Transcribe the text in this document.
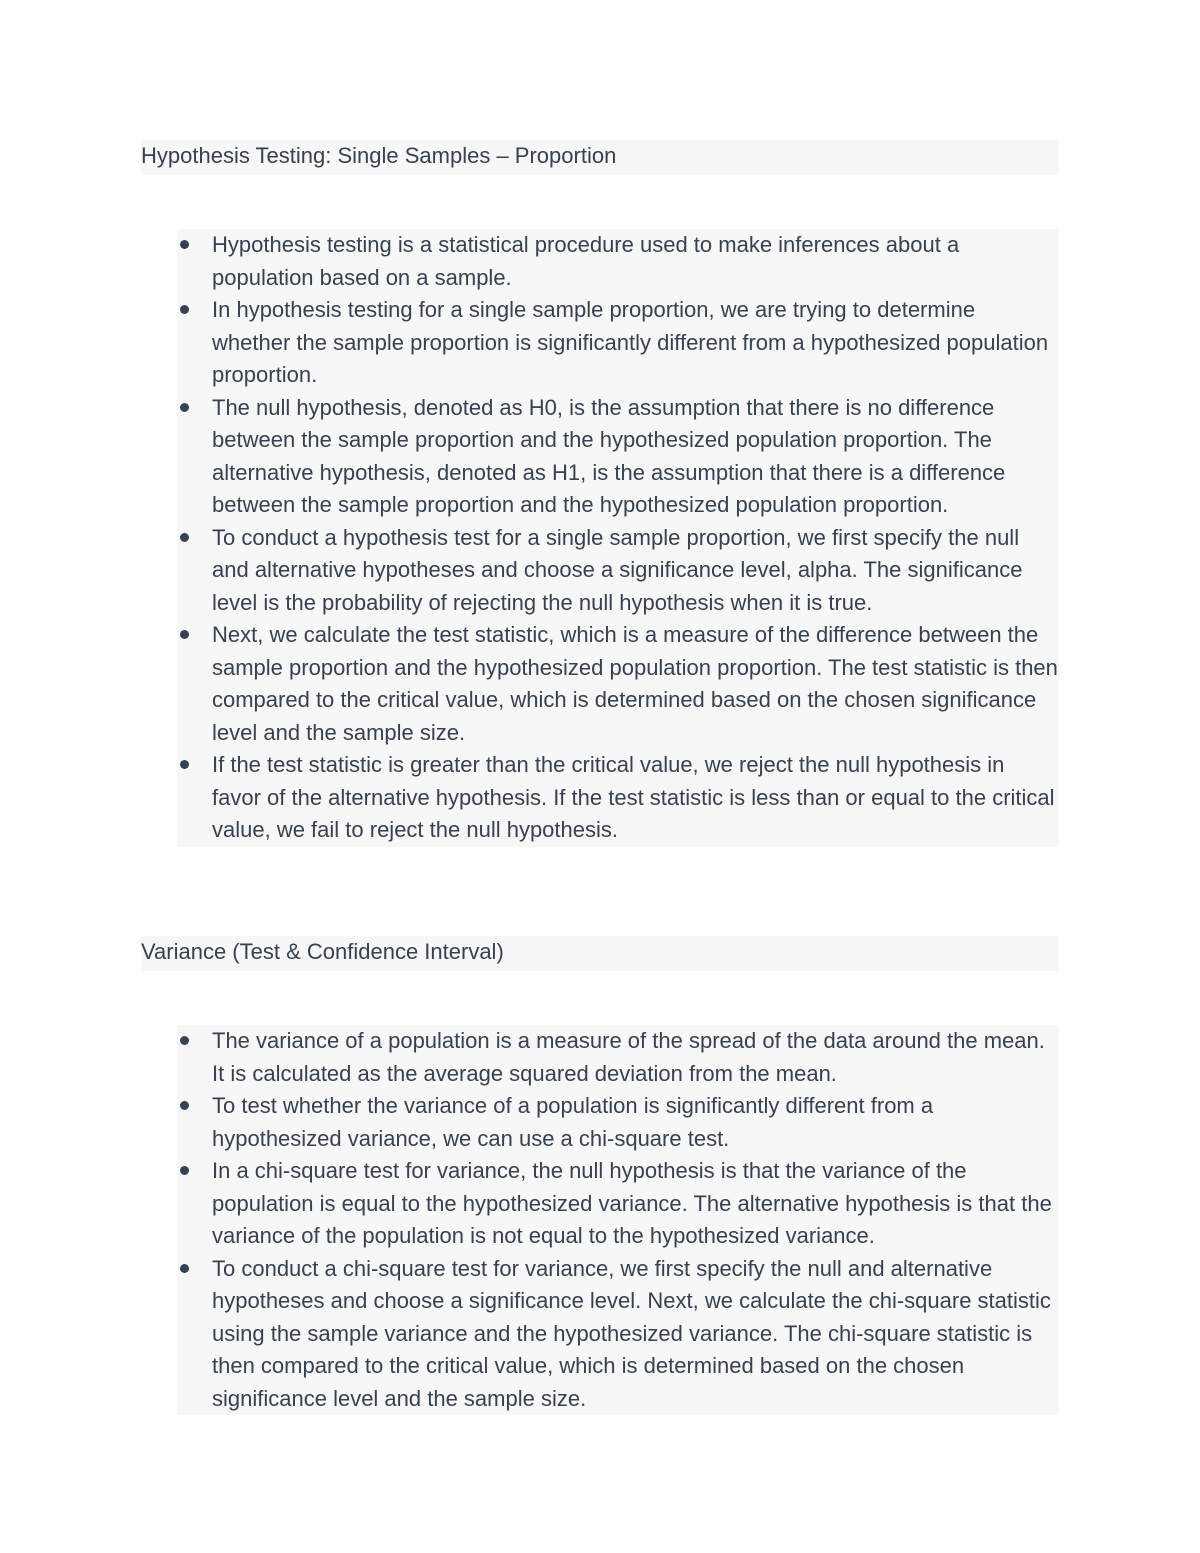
Hypothesis Testing: Single Samples – Proportion
Hypothesis testing is a statistical procedure used to make inferences about a population based on a sample.
In hypothesis testing for a single sample proportion, we are trying to determine whether the sample proportion is significantly different from a hypothesized population proportion.
The null hypothesis, denoted as H0, is the assumption that there is no difference between the sample proportion and the hypothesized population proportion. The alternative hypothesis, denoted as H1, is the assumption that there is a difference between the sample proportion and the hypothesized population proportion.
To conduct a hypothesis test for a single sample proportion, we first specify the null and alternative hypotheses and choose a significance level, alpha. The significance level is the probability of rejecting the null hypothesis when it is true.
Next, we calculate the test statistic, which is a measure of the difference between the sample proportion and the hypothesized population proportion. The test statistic is then compared to the critical value, which is determined based on the chosen significance level and the sample size.
If the test statistic is greater than the critical value, we reject the null hypothesis in favor of the alternative hypothesis. If the test statistic is less than or equal to the critical value, we fail to reject the null hypothesis.
Variance (Test & Confidence Interval)
The variance of a population is a measure of the spread of the data around the mean. It is calculated as the average squared deviation from the mean.
To test whether the variance of a population is significantly different from a hypothesized variance, we can use a chi-square test.
In a chi-square test for variance, the null hypothesis is that the variance of the population is equal to the hypothesized variance. The alternative hypothesis is that the variance of the population is not equal to the hypothesized variance.
To conduct a chi-square test for variance, we first specify the null and alternative hypotheses and choose a significance level. Next, we calculate the chi-square statistic using the sample variance and the hypothesized variance. The chi-square statistic is then compared to the critical value, which is determined based on the chosen significance level and the sample size.
